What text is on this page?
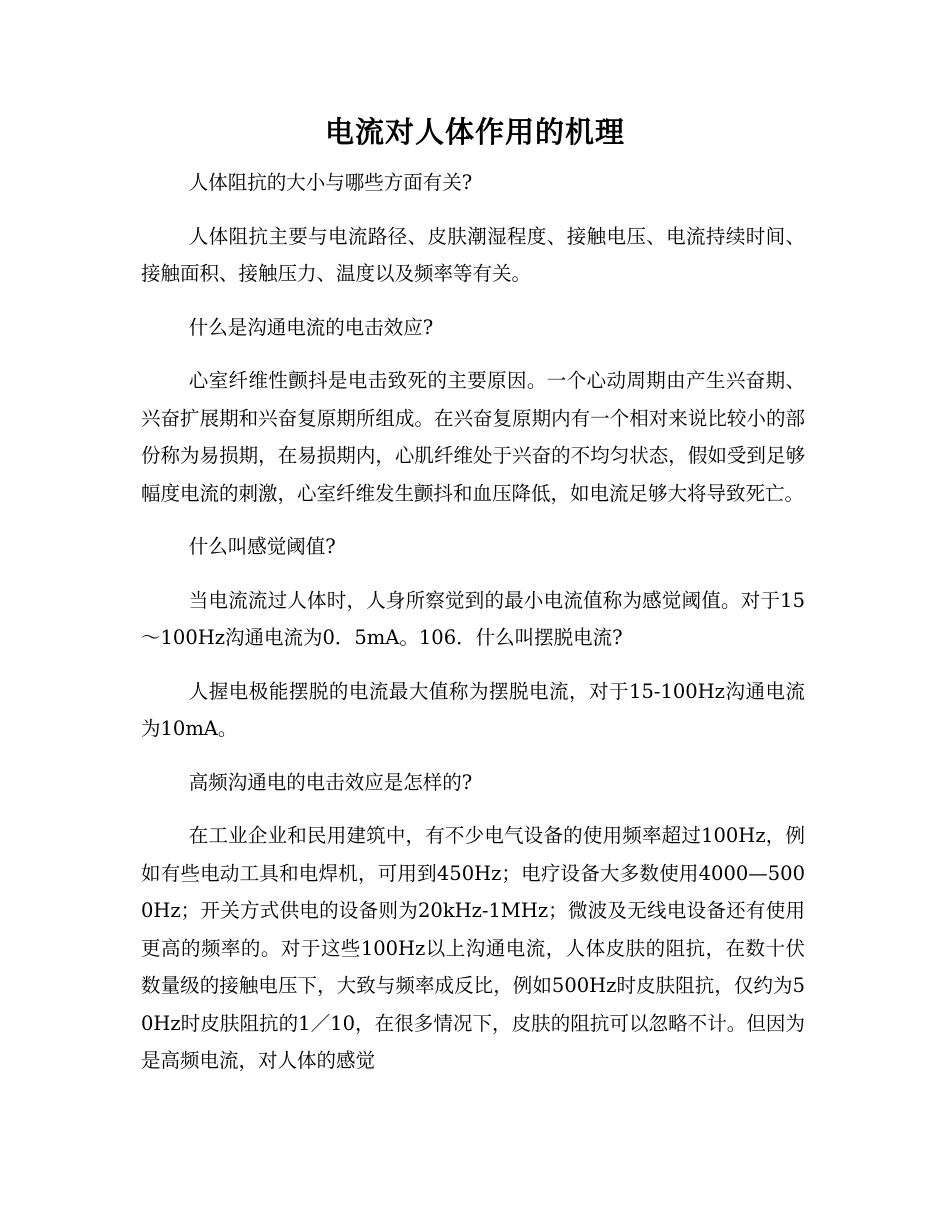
电流对人体作用的机理

人体阻抗的大小与哪些方面有关?

人体阻抗主要与电流路径、皮肤潮湿程度、接触电压、电流持续时间、接触面积、接触压力、温度以及频率等有关。

什么是沟通电流的电击效应?

心室纤维性颤抖是电击致死的主要原因。一个心动周期由产生兴奋期、兴奋扩展期和兴奋复原期所组成。在兴奋复原期内有一个相对来说比较小的部份称为易损期，在易损期内，心肌纤维处于兴奋的不均匀状态，假如受到足够幅度电流的刺激，心室纤维发生颤抖和血压降低，如电流足够大将导致死亡。

什么叫感觉阈值?

当电流流过人体时，人身所察觉到的最小电流值称为感觉阈值。对于15～100Hz沟通电流为0．5mA。106．什么叫摆脱电流?

人握电极能摆脱的电流最大值称为摆脱电流，对于15-100Hz沟通电流为10mA。

高频沟通电的电击效应是怎样的?

在工业企业和民用建筑中，有不少电气设备的使用频率超过100Hz，例如有些电动工具和电焊机，可用到450Hz；电疗设备大多数使用4000—5000Hz；开关方式供电的设备则为20kHz-1MHz；微波及无线电设备还有使用更高的频率的。对于这些100Hz以上沟通电流，人体皮肤的阻抗，在数十伏数量级的接触电压下，大致与频率成反比，例如500Hz时皮肤阻抗，仅约为50Hz时皮肤阻抗的1／10，在很多情况下，皮肤的阻抗可以忽略不计。但因为是高频电流，对人体的感觉
